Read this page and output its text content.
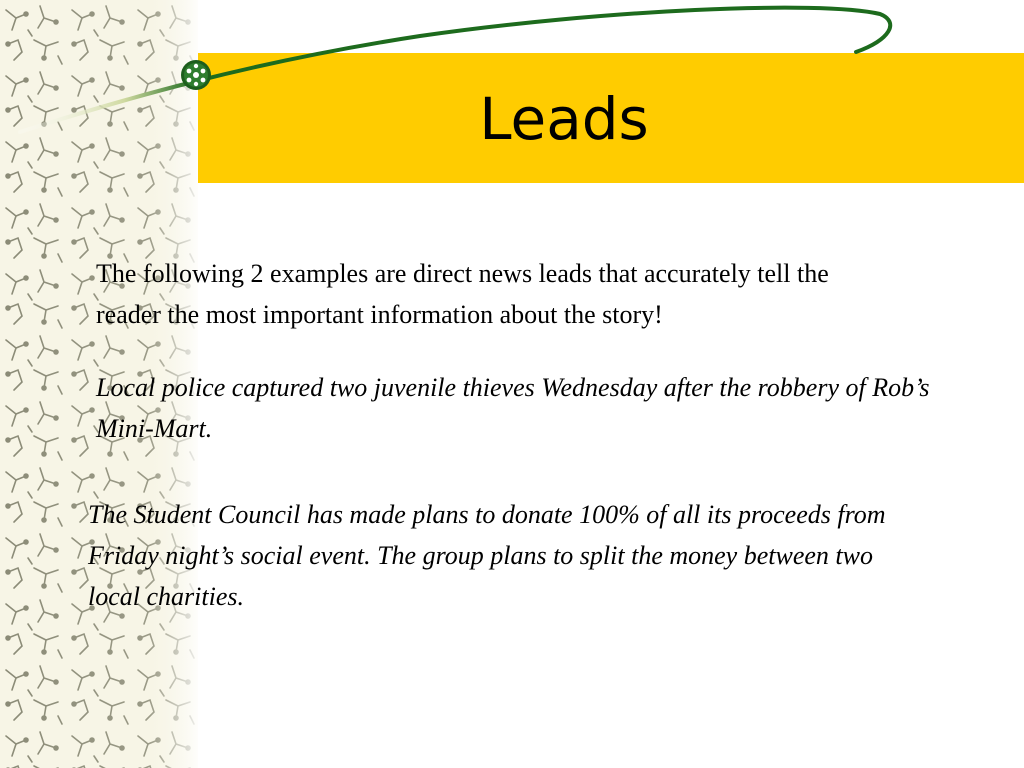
Leads

The following 2 examples are direct news leads that accurately tell the reader the most important information about the story!

Local police captured two juvenile thieves Wednesday after the robbery of Rob’s Mini-Mart.

The Student Council has made plans to donate 100% of all its proceeds from Friday night’s social event. The group plans to split the money between two local charities.
